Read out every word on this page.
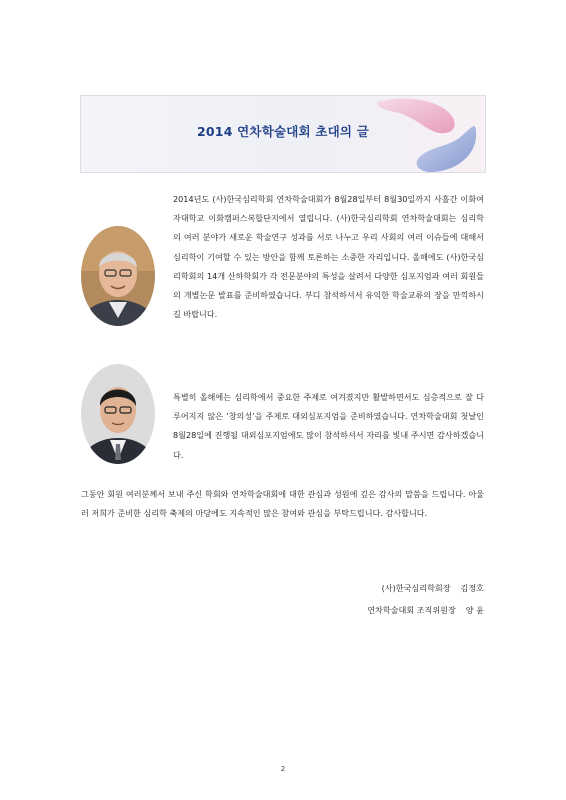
2014 연차학술대회 초대의 글

2014년도 (사)한국심리학회 연차학술대회가 8월28일부터 8월30일까지 사흘간 이화여자대학교 이화캠퍼스복합단지에서 열립니다. (사)한국심리학회 연차학술대회는 심리학의 여러 분야가 새로운 학술연구 성과를 서로 나누고 우리 사회의 여러 이슈들에 대해서 심리학이 기여할 수 있는 방안을 함께 토론하는 소중한 자리입니다. 올해에도 (사)한국심리학회의 14개 산하학회가 각 전문분야의 특성을 살려서 다양한 심포지엄과 여러 회원들의 개별논문 발표를 준비하였습니다. 부디 참석하셔서 유익한 학술교류의 장을 만끽하시길 바랍니다.

특별히 올해에는 심리학에서 중요한 주제로 여겨졌지만 활발하면서도 심층적으로 잘 다루어지지 않은 ‘창의성’을 주제로 대외심포지엄을 준비하였습니다. 연차학술대회 첫날인 8월28일에 진행될 대외심포지엄에도 많이 참석하셔서 자리를 빛내 주시면 감사하겠습니다.

그동안 회원 여러분께서 보내 주신 학회와 연차학술대회에 대한 관심과 성원에 깊은 감사의 말씀을 드립니다. 아울러 저희가 준비한 심리학 축제의 마당에도 지속적인 많은 참여와 관심을 부탁드립니다. 감사합니다.

(사)한국심리학회장 김정호
연차학술대회 조직위원장 양 윤
2
